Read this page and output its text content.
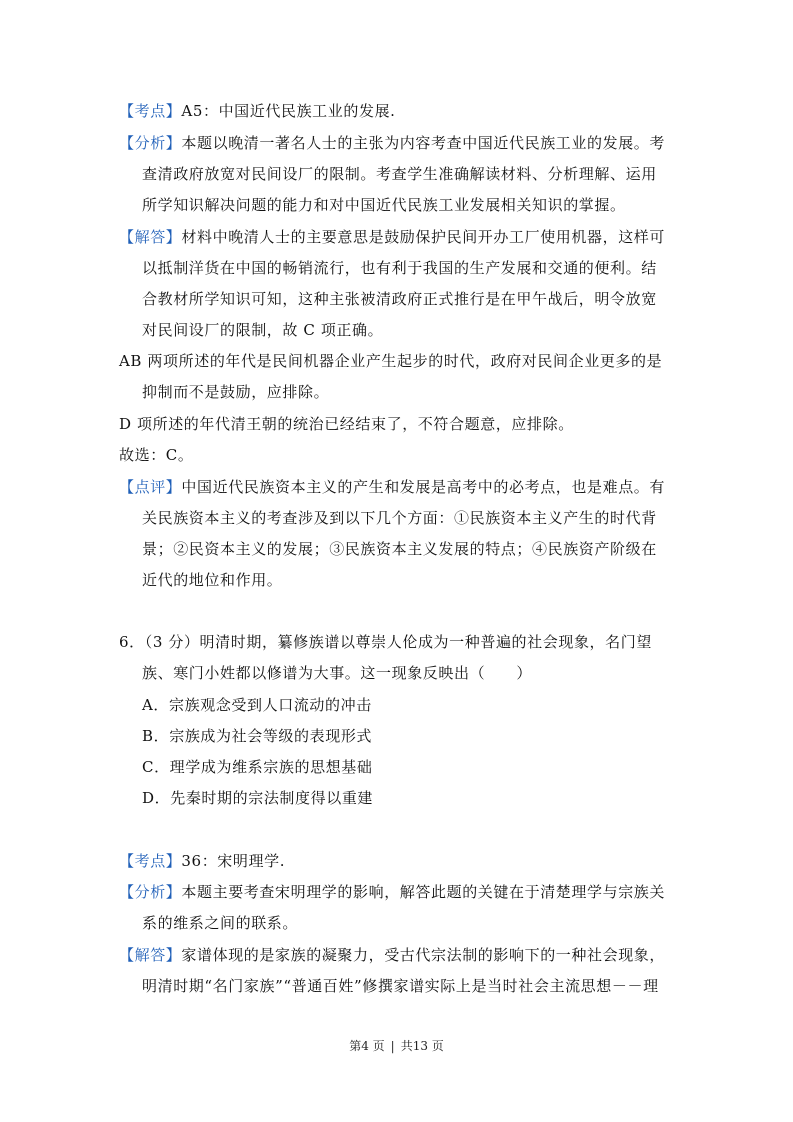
【考点】A5：中国近代民族工业的发展.
【分析】本题以晚清一著名人士的主张为内容考查中国近代民族工业的发展。考
查清政府放宽对民间设厂的限制。考查学生准确解读材料、分析理解、运用
所学知识解决问题的能力和对中国近代民族工业发展相关知识的掌握。
【解答】材料中晚清人士的主要意思是鼓励保护民间开办工厂使用机器，这样可
以抵制洋货在中国的畅销流行，也有利于我国的生产发展和交通的便利。结
合教材所学知识可知，这种主张被清政府正式推行是在甲午战后，明令放宽
对民间设厂的限制，故 C 项正确。
AB 两项所述的年代是民间机器企业产生起步的时代，政府对民间企业更多的是
抑制而不是鼓励，应排除。
D 项所述的年代清王朝的统治已经结束了，不符合题意，应排除。
故选：C。
【点评】中国近代民族资本主义的产生和发展是高考中的必考点，也是难点。有
关民族资本主义的考查涉及到以下几个方面：①民族资本主义产生的时代背
景；②民资本主义的发展；③民族资本主义发展的特点；④民族资产阶级在
近代的地位和作用。
6．（3 分）明清时期，纂修族谱以尊崇人伦成为一种普遍的社会现象，名门望
族、寒门小姓都以修谱为大事。这一现象反映出（　　）
A．宗族观念受到人口流动的冲击
B．宗族成为社会等级的表现形式
C．理学成为维系宗族的思想基础
D．先秦时期的宗法制度得以重建
【考点】36：宋明理学.
【分析】本题主要考查宋明理学的影响，解答此题的关键在于清楚理学与宗族关
系的维系之间的联系。
【解答】家谱体现的是家族的凝聚力，受古代宗法制的影响下的一种社会现象，
明清时期“名门家族”“普通百姓”修撰家谱实际上是当时社会主流思想－－理
第4 页 | 共13 页
